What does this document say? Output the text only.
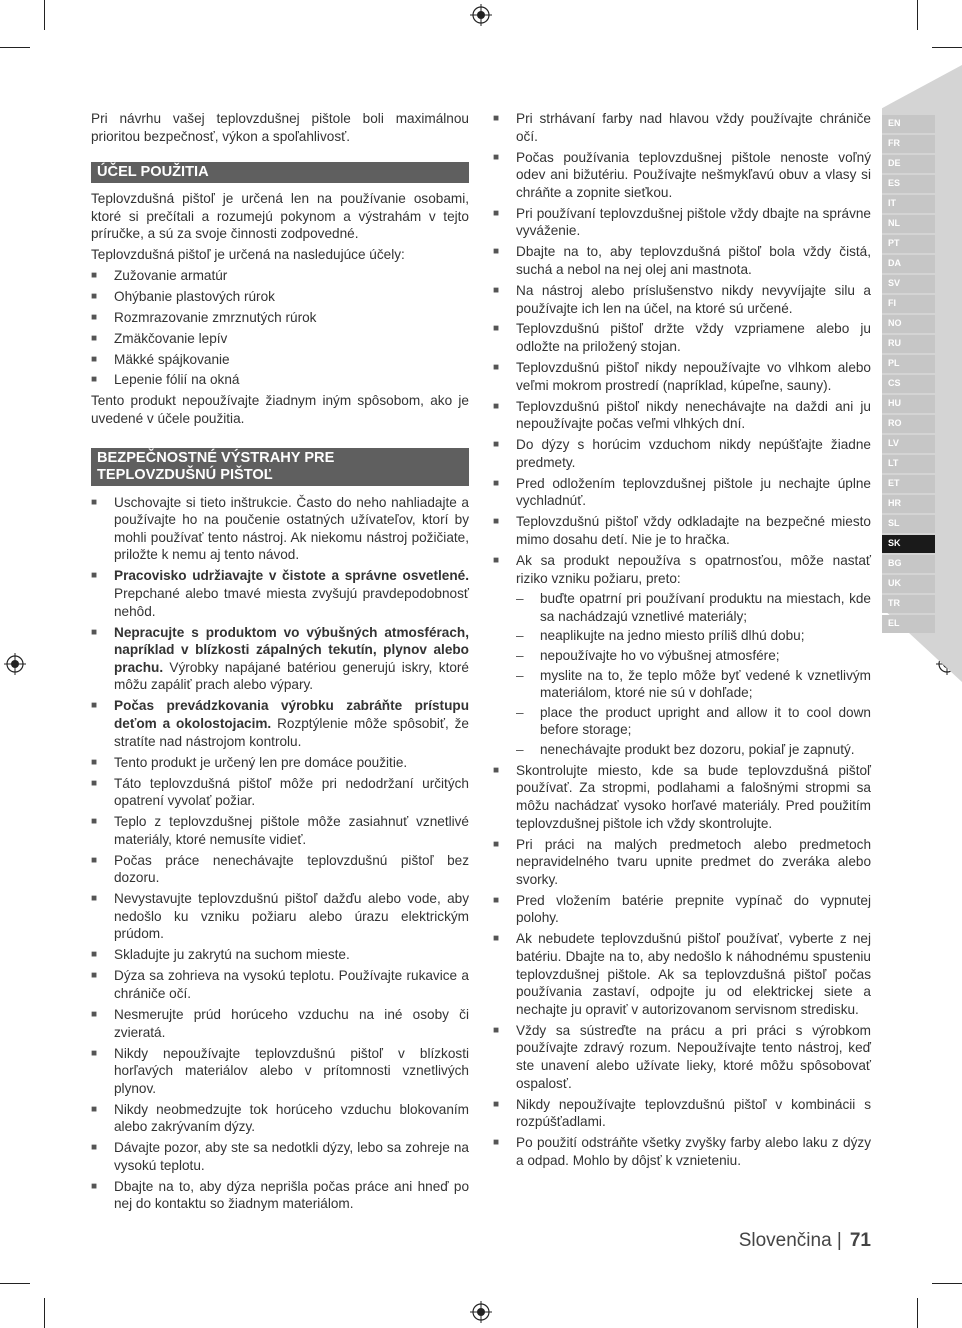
EN
FR
DE
ES
IT
NL
PT
DA
SV
FI
NO
RU
PL
CS
HU
RO
LV
LT
ET
HR
SL
SK
BG
UK
TR
EL

Pri návrhu vašej teplovzdušnej pištole boli maximálnou prioritou bezpečnosť, výkon a spoľahlivosť.

ÚČEL POUŽITIA

Teplovzdušná pištoľ je určená len na používanie osobami, ktoré si prečítali a rozumejú pokynom a výstrahám v tejto príručke, a sú za svoje činnosti zodpovedné.

Teplovzdušná pištoľ je určená na nasledujúce účely:

■ Zužovanie armatúr
■ Ohýbanie plastových rúrok
■ Rozmrazovanie zmrznutých rúrok
■ Zmäkčovanie lepív
■ Mäkké spájkovanie
■ Lepenie fólií na okná

Tento produkt nepoužívajte žiadnym iným spôsobom, ako je uvedené v účele použitia.

BEZPEČNOSTNÉ VÝSTRAHY PRE
TEPLOVZDUŠNÚ PIŠTOĽ
■ Uschovajte si tieto inštrukcie. Často do neho nahliadajte a používajte ho na poučenie ostatných užívateľov, ktorí by mohli používať tento nástroj. Ak niekomu nástroj požičiate, priložte k nemu aj tento návod.
■ Pracovisko udržiavajte v čistote a správne osvetlené. Prepchané alebo tmavé miesta zvyšujú pravdepodobnosť nehôd.
■ Nepracujte s produktom vo výbušných atmosférach, napríklad v blízkosti zápalných tekutín, plynov alebo prachu. Výrobky napájané batériou generujú iskry, ktoré môžu zapáliť prach alebo výpary.
■ Počas prevádzkovania výrobku zabráňte prístupu deťom a okolostojacim. Rozptýlenie môže spôsobiť, že stratíte nad nástrojom kontrolu.
■ Tento produkt je určený len pre domáce použitie.
■ Táto teplovzdušná pištoľ môže pri nedodržaní určitých opatrení vyvolať požiar.
■ Teplo z teplovzdušnej pištole môže zasiahnuť vznetlivé materiály, ktoré nemusíte vidieť.
■ Počas práce nenechávajte teplovzdušnú pištoľ bez dozoru.
■ Nevystavujte teplovzdušnú pištoľ dažďu alebo vode, aby nedošlo ku vzniku požiaru alebo úrazu elektrickým prúdom.
■ Skladujte ju zakrytú na suchom mieste.
■ Dýza sa zohrieva na vysokú teplotu. Používajte rukavice a chrániče očí.
■ Nesmerujte prúd horúceho vzduchu na iné osoby či zvieratá.
■ Nikdy nepoužívajte teplovzdušnú pištoľ v blízkosti horľavých materiálov alebo v prítomnosti vznetlivých plynov.
■ Nikdy neobmedzujte tok horúceho vzduchu blokovaním alebo zakrývaním dýzy.
■ Dávajte pozor, aby ste sa nedotkli dýzy, lebo sa zohreje na vysokú teplotu.
■ Dbajte na to, aby dýza neprišla počas práce ani hneď po nej do kontaktu so žiadnym materiálom.
■ Pri strhávaní farby nad hlavou vždy používajte chrániče očí.
■ Počas používania teplovzdušnej pištole nenoste voľný odev ani bižutériu. Používajte nešmykľavú obuv a vlasy si chráňte a zopnite sieťkou.
■ Pri používaní teplovzdušnej pištole vždy dbajte na správne vyváženie.
■ Dbajte na to, aby teplovzdušná pištoľ bola vždy čistá, suchá a nebol na nej olej ani mastnota.
■ Na nástroj alebo príslušenstvo nikdy nevyvíjajte silu a používajte ich len na účel, na ktoré sú určené.
■ Teplovzdušnú pištoľ držte vždy vzpriamene alebo ju odložte na priložený stojan.
■ Teplovzdušnú pištoľ nikdy nepoužívajte vo vlhkom alebo veľmi mokrom prostredí (napríklad, kúpeľne, sauny).
■ Teplovzdušnú pištoľ nikdy nenechávajte na daždi ani ju nepoužívajte počas veľmi vlhkých dní.
■ Do dýzy s horúcim vzduchom nikdy nepúšťajte žiadne predmety.
■ Pred odložením teplovzdušnej pištole ju nechajte úplne vychladnúť.
■ Teplovzdušnú pištoľ vždy odkladajte na bezpečné miesto mimo dosahu detí. Nie je to hračka.
■ Ak sa produkt nepoužíva s opatrnosťou, môže nastať riziko vzniku požiaru, preto:
– buďte opatrní pri používaní produktu na miestach, kde sa nachádzajú vznetlivé materiály;
– neaplikujte na jedno miesto príliš dlhú dobu;
– nepoužívajte ho vo výbušnej atmosfére;
– myslite na to, že teplo môže byť vedené k vznetlivým materiálom, ktoré nie sú v dohľade;
– place the product upright and allow it to cool down before storage;
– nenechávajte produkt bez dozoru, pokiaľ je zapnutý.
■ Skontrolujte miesto, kde sa bude teplovzdušná pištoľ používať. Za stropmi, podlahami a falošnými stropmi sa môžu nachádzať vysoko horľavé materiály. Pred použitím teplovzdušnej pištole ich vždy skontrolujte.
■ Pri práci na malých predmetoch alebo predmetoch nepravidelného tvaru upnite predmet do zveráka alebo svorky.
■ Pred vložením batérie prepnite vypínač do vypnutej polohy.
■ Ak nebudete teplovzdušnú pištoľ používať, vyberte z nej batériu. Dbajte na to, aby nedošlo k náhodnému spusteniu teplovzdušnej pištole. Ak sa teplovzdušná pištoľ počas používania zastaví, odpojte ju od elektrickej siete a nechajte ju opraviť v autorizovanom servisnom stredisku.
■ Vždy sa sústreďte na prácu a pri práci s výrobkom používajte zdravý rozum. Nepoužívajte tento nástroj, keď ste unavení alebo užívate lieky, ktoré môžu spôsobovať ospalosť.
■ Nikdy nepoužívajte teplovzdušnú pištoľ v kombinácii s rozpúšťadlami.
■ Po použití odstráňte všetky zvyšky farby alebo laku z dýzy a odpad. Mohlo by dôjsť k vznieteniu.
Slovenčina | 71
